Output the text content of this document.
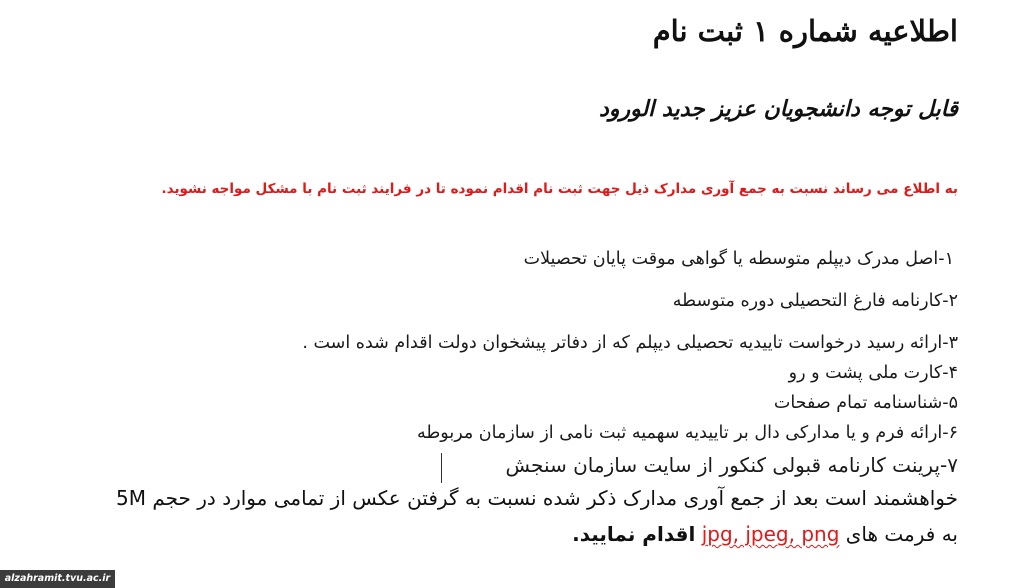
اطلاعیه شماره ۱ ثبت نام
قابل توجه دانشجویان عزیز جدید الورود
به اطلاع می رساند نسبت به جمع آوری مدارک ذیل جهت ثبت نام اقدام نموده تا در فرایند ثبت نام با مشکل مواجه نشوید.
۱-اصل مدرک دیپلم متوسطه یا گواهی موقت پایان تحصیلات
۲-کارنامه فارغ التحصیلی دوره متوسطه
۳-ارائه رسید درخواست تاییدیه تحصیلی دیپلم که از دفاتر پیشخوان دولت اقدام شده است .
۴-کارت ملی پشت و رو
۵-شناسنامه تمام صفحات
۶-ارائه فرم و یا مدارکی دال بر تاییدیه سهمیه ثبت نامی از سازمان مربوطه
۷-پرینت کارنامه قبولی کنکور از سایت سازمان سنجش
خواهشمند است بعد از جمع آوری مدارک ذکر شده نسبت به گرفتن عکس از تمامی موارد در حجم 5M
به فرمت های jpg, jpeg, png اقدام نمایید.
alzahramit.tvu.ac.ir
